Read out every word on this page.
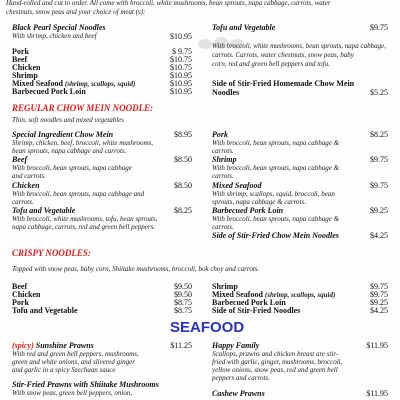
Hand-rolled and cut to order. All come with broccoli, white mushrooms, bean sprouts, napa cabbage, carrots, water
chestnuts, snow peas and your choice of meat (s):
Black Pearl Special Noodles
With shrimp, chicken and beef	$10.95
Pork	$ 9.75
Beef	$10.75
Chicken	$10.75
Shrimp	$10.95
Mixed Seafood (shrimp, scallops, squid)	$10.95
Barbecued Pork Loin	$10.95
Tofu and Vegetable	$9.75
With broccoli, white mushrooms, bean sprouts, napa cabbage,
carrots. Carrots, water chestnuts, snow peas, baby
corn, red and green bell peppers and tofu.
Side of Stir-Fried Homemade Chow Mein
Noodles	$5.25
REGULAR CHOW MEIN NOODLE:
Thin, soft noodles and mixed vegetables
Special Ingredient Chow Mein	$8.95
Shrimp, chicken, beef, broccoli, white mushrooms,
bean sprouts, napa cabbage and carrots.
Beef	$8.50
With broccoli, bean sprouts, napa cabbage
and carrots.
Chicken	$8.50
With broccoli, bean sprouts, napa cabbage and
carrots.
Tofu and Vegetable	$8.25
With broccoli, white mushrooms, tofu, bean sprouts,
napa cabbage, carrots, red and green bell peppers.
Pork	$8.25
With broccoli, bean sprouts, napa cabbage &
carrots.
Shrimp	$9.75
With broccoli, bean sprouts, napa cabbage &
carrots.
Mixed Seafood	$9.75
With shrimp, scallops, squid, broccoli, bean
sprouts, napa cabbage & carrots.
Barbecued Pork Loin	$9.25
With broccoli, bean sprouts, napa cabbage &
carrots.
Side of Stir-Fried Chow Mein Noodles	$4.25
CRISPY NOODLES:
Topped with snow peas, baby corn, Shiitake mushrooms, broccoli, bok choy and carrots.
Beef	$9.50
Chicken	$9.50
Pork	$8.75
Tofu and Vegetable	$8.75
Shrimp	$9.75
Mixed Seafood (shrimp, scallops, squid)	$9.75
Barbecued Pork Loin	$9.25
Side of Stir-Fried Noodles	$4.25
SEAFOOD
(spicy) Sunshine Prawns	$11.25
With red and green bell peppers, mushrooms,
green and white onions, and slivered ginger
and garlic in a spicy Szechuan sauce
Stir-Fried Prawns with Shiitake Mushrooms
With snow peas, green bell peppers, onion,
Happy Family	$11.95
Scallops, prawns and chicken breast are stir-
fried with garlic, ginger, mushrooms, broccoli,
yellow onions, snow peas, red and green bell
peppers and carrots.
Cashew Prawns	$11.95
